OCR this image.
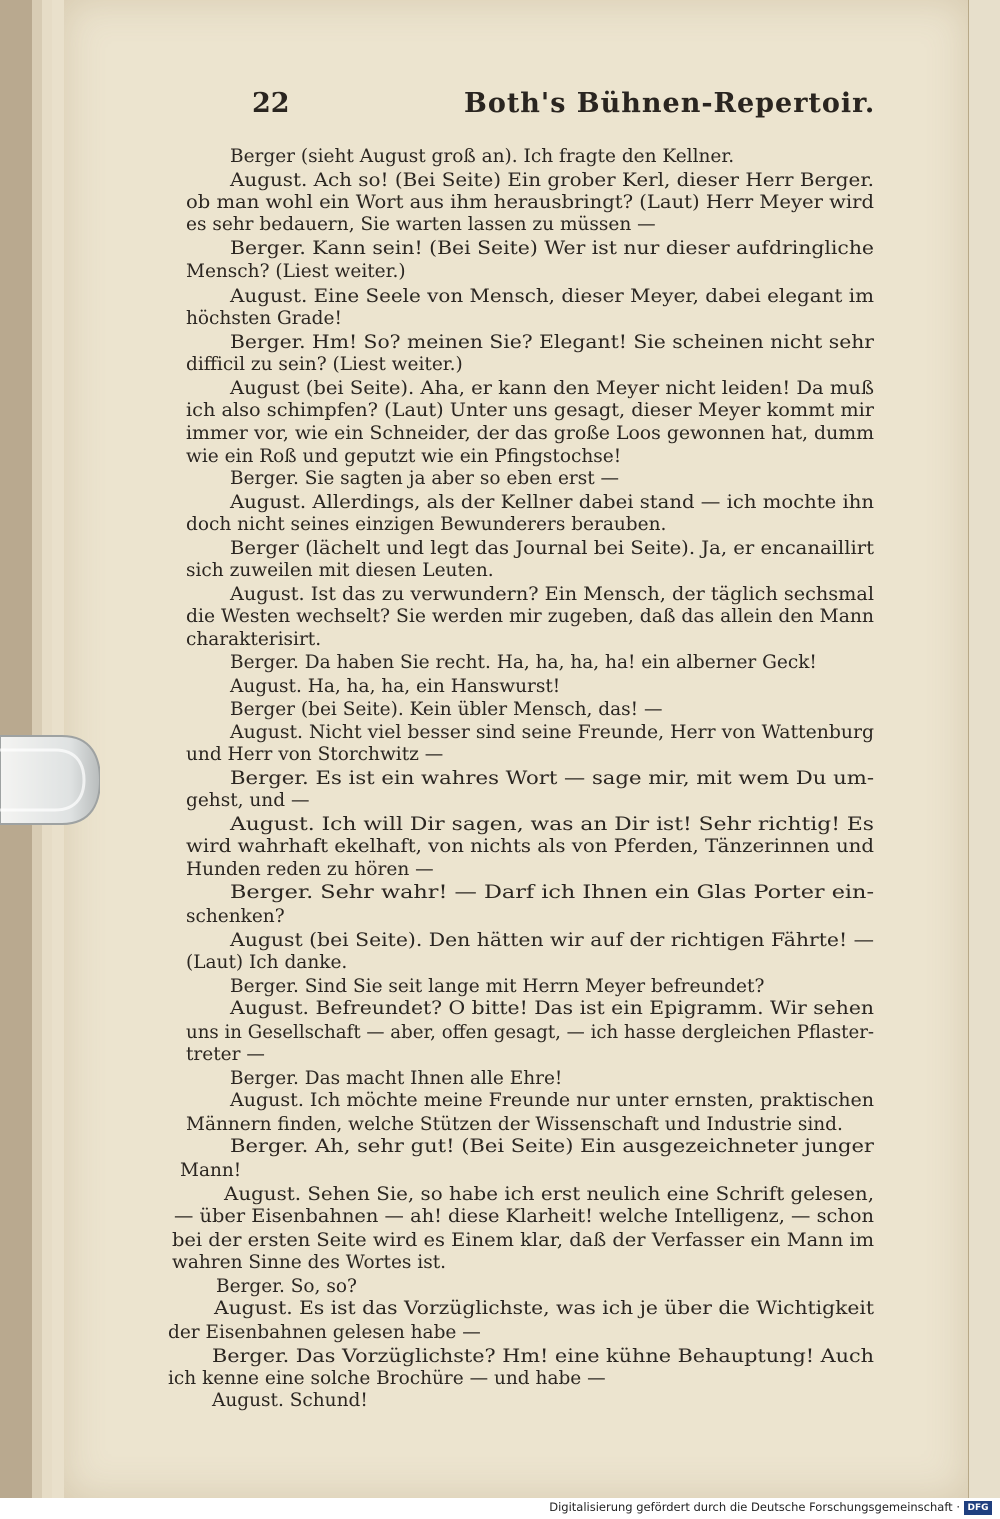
22	Both's Bühnen-Repertoir.
Berger (sieht August groß an). Ich fragte den Kellner.
August. Ach so! (Bei Seite) Ein grober Kerl, dieser Herr Berger.
ob man wohl ein Wort aus ihm herausbringt? (Laut) Herr Meyer wird
es sehr bedauern, Sie warten lassen zu müssen —
Berger. Kann sein! (Bei Seite) Wer ist nur dieser aufdringliche
Mensch? (Liest weiter.)
August. Eine Seele von Mensch, dieser Meyer, dabei elegant im
höchsten Grade!
Berger. Hm! So? meinen Sie? Elegant! Sie scheinen nicht sehr
difficil zu sein? (Liest weiter.)
August (bei Seite). Aha, er kann den Meyer nicht leiden! Da muß
ich also schimpfen? (Laut) Unter uns gesagt, dieser Meyer kommt mir
immer vor, wie ein Schneider, der das große Loos gewonnen hat, dumm
wie ein Roß und geputzt wie ein Pfingstochse!
Berger. Sie sagten ja aber so eben erst —
August. Allerdings, als der Kellner dabei stand — ich mochte ihn
doch nicht seines einzigen Bewunderers berauben.
Berger (lächelt und legt das Journal bei Seite). Ja, er encanaillirt
sich zuweilen mit diesen Leuten.
August. Ist das zu verwundern? Ein Mensch, der täglich sechsmal
die Westen wechselt? Sie werden mir zugeben, daß das allein den Mann
charakterisirt.
Berger. Da haben Sie recht. Ha, ha, ha, ha! ein alberner Geck!
August. Ha, ha, ha, ein Hanswurst!
Berger (bei Seite). Kein übler Mensch, das! —
August. Nicht viel besser sind seine Freunde, Herr von Wattenburg
und Herr von Storchwitz —
Berger. Es ist ein wahres Wort — sage mir, mit wem Du um-
gehst, und —
August. Ich will Dir sagen, was an Dir ist! Sehr richtig! Es
wird wahrhaft ekelhaft, von nichts als von Pferden, Tänzerinnen und
Hunden reden zu hören —
Berger. Sehr wahr! — Darf ich Ihnen ein Glas Porter ein-
schenken?
August (bei Seite). Den hätten wir auf der richtigen Fährte! —
(Laut) Ich danke.
Berger. Sind Sie seit lange mit Herrn Meyer befreundet?
August. Befreundet? O bitte! Das ist ein Epigramm. Wir sehen
uns in Gesellschaft — aber, offen gesagt, — ich hasse dergleichen Pflaster-
treter —
Berger. Das macht Ihnen alle Ehre!
August. Ich möchte meine Freunde nur unter ernsten, praktischen
Männern finden, welche Stützen der Wissenschaft und Industrie sind.
Berger. Ah, sehr gut! (Bei Seite) Ein ausgezeichneter junger
Mann!
August. Sehen Sie, so habe ich erst neulich eine Schrift gelesen,
— über Eisenbahnen — ah! diese Klarheit! welche Intelligenz, — schon
bei der ersten Seite wird es Einem klar, daß der Verfasser ein Mann im
wahren Sinne des Wortes ist.
Berger. So, so?
August. Es ist das Vorzüglichste, was ich je über die Wichtigkeit
der Eisenbahnen gelesen habe —
Berger. Das Vorzüglichste? Hm! eine kühne Behauptung! Auch
ich kenne eine solche Brochüre — und habe —
August. Schund!
Digitalisierung gefördert durch die Deutsche Forschungsgemeinschaft · DFG
